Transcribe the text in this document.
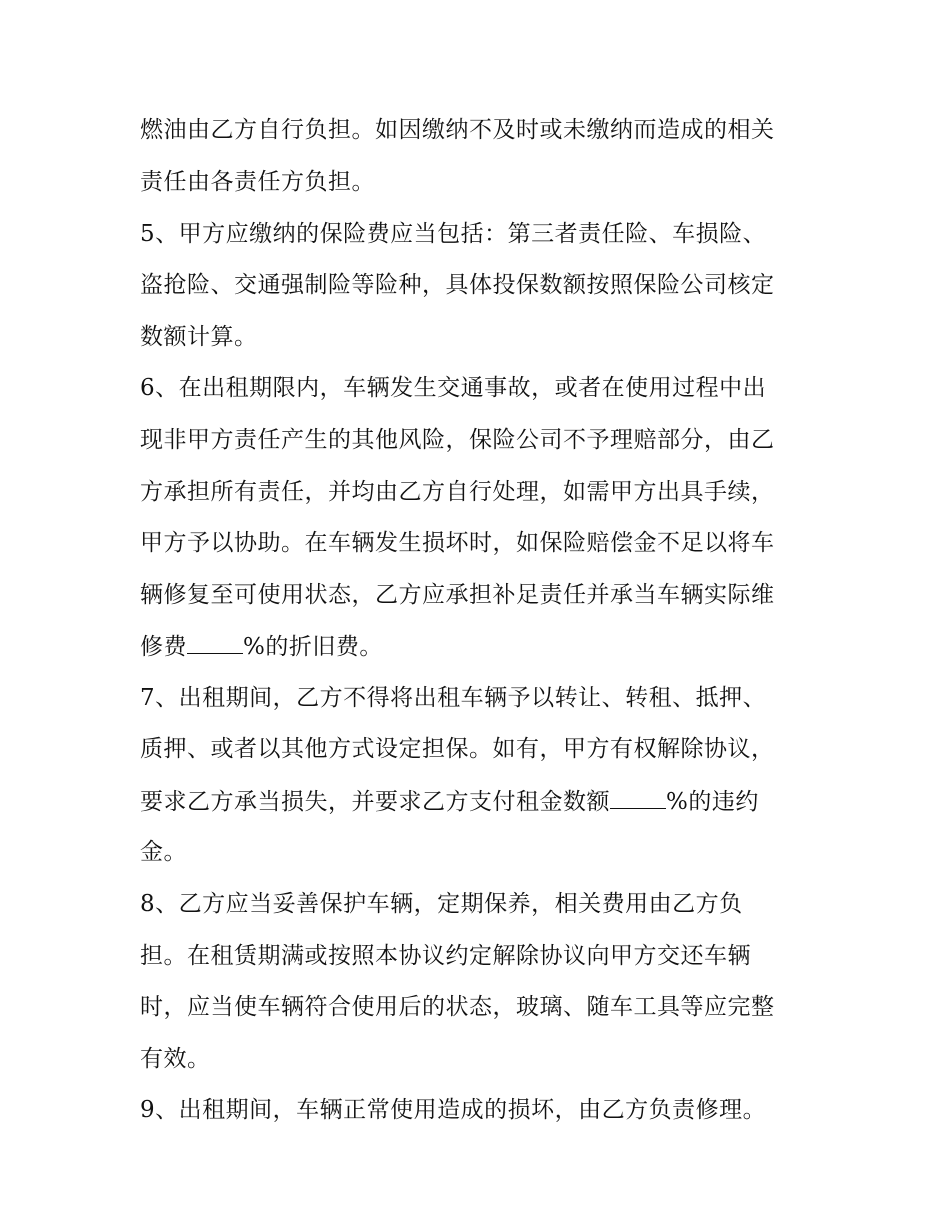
燃油由乙方自行负担。如因缴纳不及时或未缴纳而造成的相关
责任由各责任方负担。
5、甲方应缴纳的保险费应当包括：第三者责任险、车损险、
盗抢险、交通强制险等险种，具体投保数额按照保险公司核定
数额计算。
6、在出租期限内，车辆发生交通事故，或者在使用过程中出
现非甲方责任产生的其他风险，保险公司不予理赔部分，由乙
方承担所有责任，并均由乙方自行处理，如需甲方出具手续，
甲方予以协助。在车辆发生损坏时，如保险赔偿金不足以将车
辆修复至可使用状态，乙方应承担补足责任并承当车辆实际维
修费 %的折旧费。
7、出租期间，乙方不得将出租车辆予以转让、转租、抵押、
质押、或者以其他方式设定担保。如有，甲方有权解除协议，
要求乙方承当损失，并要求乙方支付租金数额 %的违约
金。
8、乙方应当妥善保护车辆，定期保养，相关费用由乙方负
担。在租赁期满或按照本协议约定解除协议向甲方交还车辆
时，应当使车辆符合使用后的状态，玻璃、随车工具等应完整
有效。
9、出租期间，车辆正常使用造成的损坏，由乙方负责修理。
